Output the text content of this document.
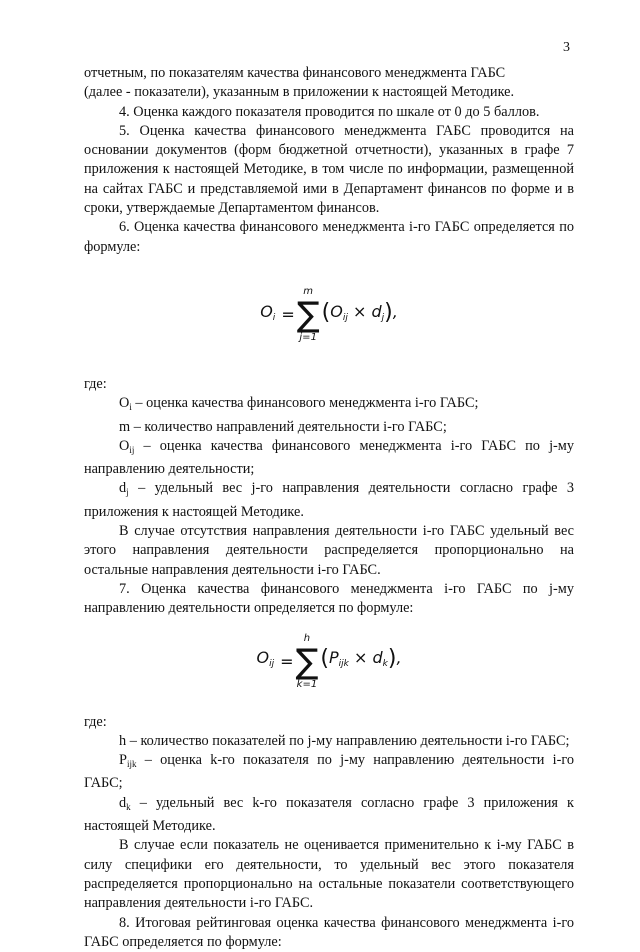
3

отчетным, по показателям качества финансового менеджмента ГАБС
(далее - показатели), указанным в приложении к настоящей Методике.

4. Оценка каждого показателя проводится по шкале от 0 до 5 баллов.

5. Оценка качества финансового менеджмента ГАБС проводится на основании документов (форм бюджетной отчетности), указанных в графе 7 приложения к настоящей Методике, в том числе по информации, размещенной на сайтах ГАБС и представляемой ими в Департамент финансов по форме и в сроки, утверждаемые Департаментом финансов.

6. Оценка качества финансового менеджмента i-го ГАБС определяется по формуле:

$O_i$ =
m
∑
j=1
$(O_{ij} \times d_j)$,

где:

$O_i$ – оценка качества финансового менеджмента i-го ГАБС;

m – количество направлений деятельности i-го ГАБС;

$O_{ij}$ – оценка качества финансового менеджмента i-го ГАБС по j-му направлению деятельности;

$d_j$ – удельный вес j-го направления деятельности согласно графе 3 приложения к настоящей Методике.

В случае отсутствия направления деятельности i-го ГАБС удельный вес этого направления деятельности распределяется пропорционально на остальные направления деятельности i-го ГАБС.

7. Оценка качества финансового менеджмента i-го ГАБС по j-му направлению деятельности определяется по формуле:

$O_{ij}$ =
h
∑
k=1
$(P_{ijk} \times d_k)$,

где:

h – количество показателей по j-му направлению деятельности i-го ГАБС;

$P_{ijk}$ – оценка k-го показателя по j-му направлению деятельности i-го ГАБС;

$d_k$ – удельный вес k-го показателя согласно графе 3 приложения к настоящей Методике.

В случае если показатель не оценивается применительно к i-му ГАБС в силу специфики его деятельности, то удельный вес этого показателя распределяется пропорционально на остальные показатели соответствующего направления деятельности i-го ГАБС.

8. Итоговая рейтинговая оценка качества финансового менеджмента i-го ГАБС определяется по формуле:
